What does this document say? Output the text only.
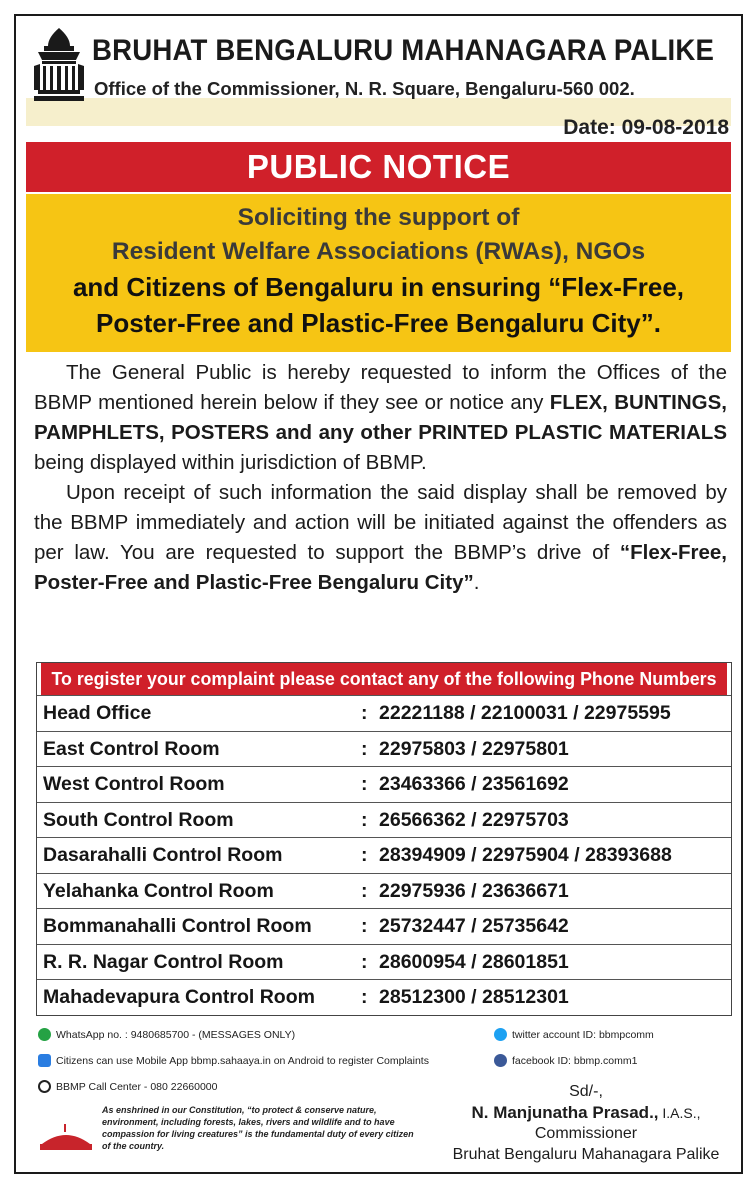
BRUHAT BENGALURU MAHANAGARA PALIKE
Office of the Commissioner, N. R. Square, Bengaluru-560 002.
Date: 09-08-2018
PUBLIC NOTICE
Soliciting the support of
Resident Welfare Associations (RWAs), NGOs
and Citizens of Bengaluru in ensuring “Flex-Free,
Poster-Free and Plastic-Free Bengaluru City”.

The General Public is hereby requested to inform the Offices of the BBMP mentioned herein below if they see or notice any FLEX, BUNTINGS, PAMPHLETS, POSTERS and any other PRINTED PLASTIC MATERIALS being displayed within jurisdiction of BBMP.

Upon receipt of such information the said display shall be removed by the BBMP immediately and action will be initiated against the offenders as per law. You are requested to support the BBMP’s drive of “Flex-Free, Poster-Free and Plastic-Free Bengaluru City”.

To register your complaint please contact any of the following Phone Numbers
Head Office	: 22221188 / 22100031 / 22975595
East Control Room	: 22975803 / 22975801
West Control Room	: 23463366 / 23561692
South Control Room	: 26566362 / 22975703
Dasarahalli Control Room	: 28394909 / 22975904 / 28393688
Yelahanka Control Room	: 22975936 / 23636671
Bommanahalli Control Room	: 25732447 / 25735642
R. R. Nagar Control Room	: 28600954 / 28601851
Mahadevapura Control Room : 28512300 / 28512301
WhatsApp no. : 9480685700 - (MESSAGES ONLY)
Citizens can use Mobile App bbmp.sahaaya.in on Android to register Complaints
BBMP Call Center - 080 22660000
twitter account ID: bbmpcomm
facebook ID: bbmp.comm1
As enshrined in our Constitution, “to protect & conserve nature, environment, including forests, lakes, rivers and wildlife and to have compassion for living creatures” is the fundamental duty of every citizen of the country.
Sd/-,
N. Manjunatha Prasad., I.A.S.,
Commissioner
Bruhat Bengaluru Mahanagara Palike
